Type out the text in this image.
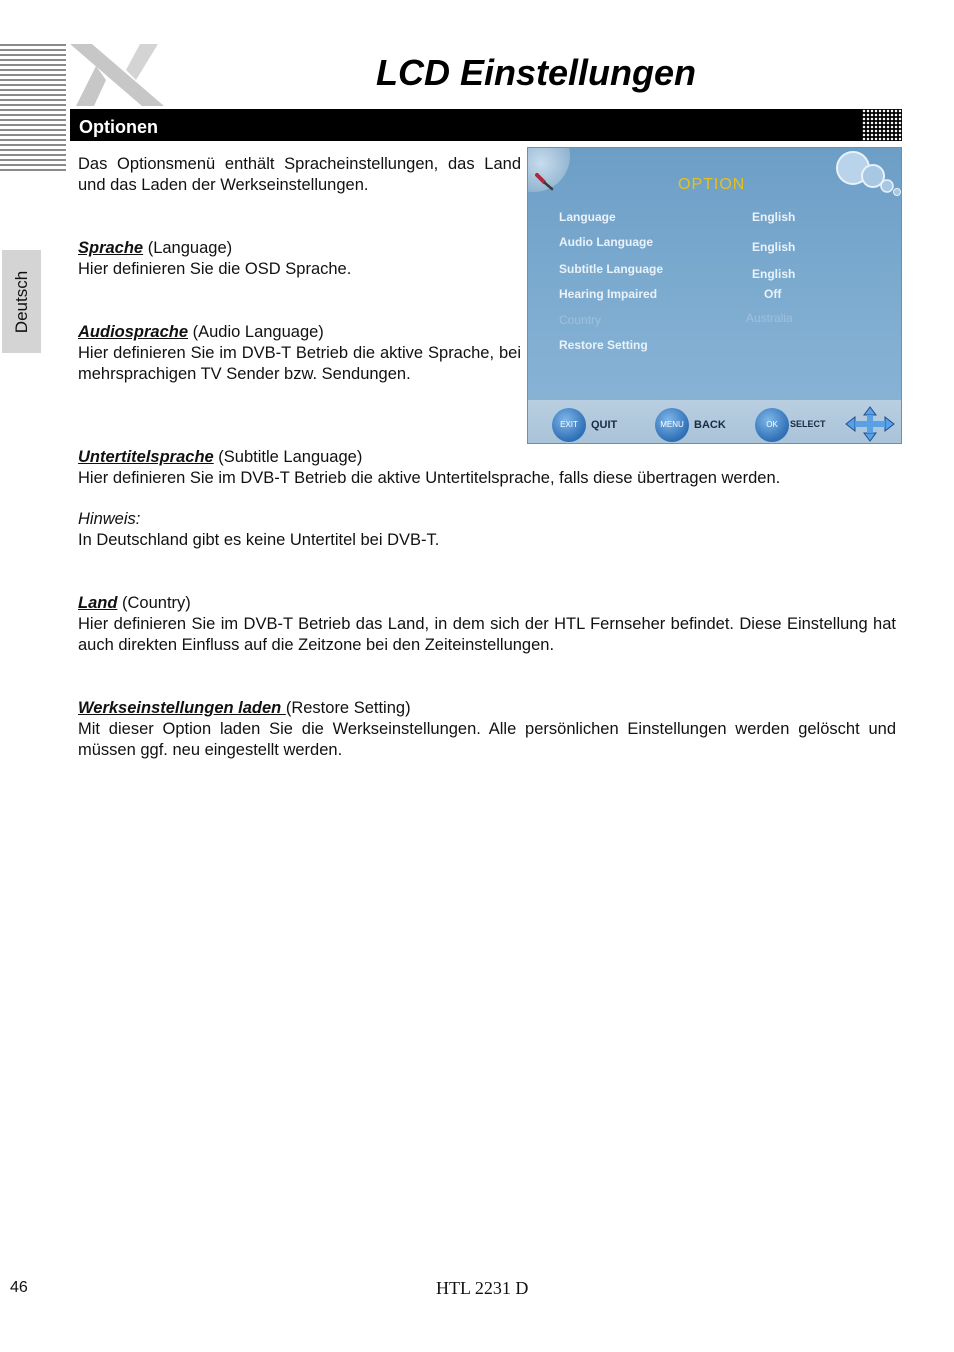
LCD Einstellungen
Optionen
Deutsch
Das Optionsmenü enthält Spracheinstellungen, das Land und das Laden der Werkseinstellungen.
Sprache (Language)
Hier definieren Sie die OSD Sprache.
Audiosprache (Audio Language)
Hier definieren Sie im DVB-T Betrieb die aktive Sprache, bei mehrsprachigen TV Sender bzw. Sendungen.
Untertitelsprache (Subtitle Language)
Hier definieren Sie im DVB-T Betrieb die aktive Untertitelsprache, falls diese übertragen werden.
Hinweis:
In Deutschland gibt es keine Untertitel bei DVB-T.
Land (Country)
Hier definieren Sie im DVB-T Betrieb das Land, in dem sich der HTL Fernseher befindet. Diese Einstellung hat auch direkten Einfluss auf die Zeitzone bei den Zeiteinstellungen.
Werkseinstellungen laden (Restore Setting)
Mit dieser Option laden Sie die Werkseinstellungen. Alle persönlichen Einstellungen werden gelöscht und müssen ggf. neu eingestellt werden.
OPTION
Language	English
Audio Language	English
Subtitle Language	English
Hearing Impaired	Off
Country	Australia
Restore Setting
EXIT	QUIT	MENU BACK	OK	SELECT
46	HTL 2231 D
